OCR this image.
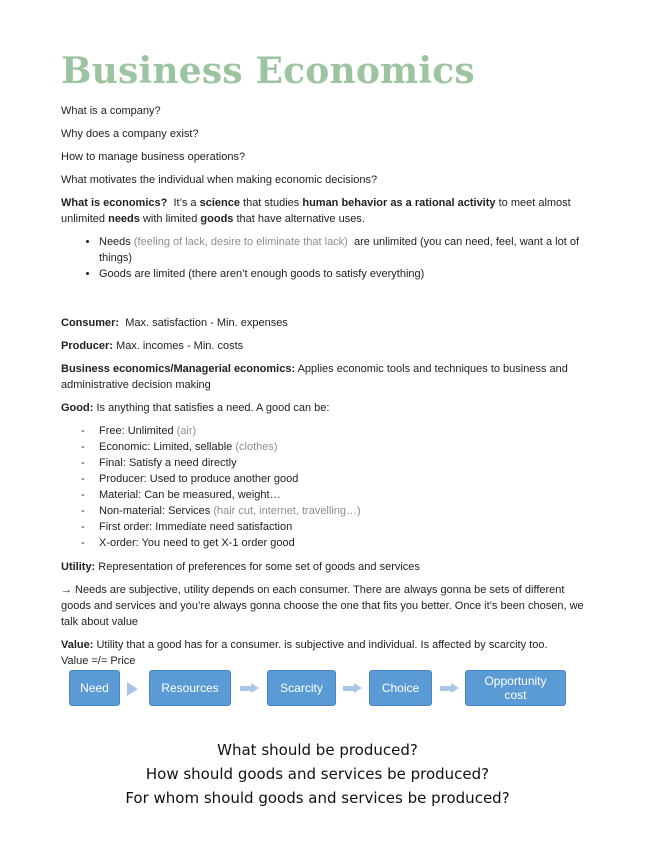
Business Economics

What is a company?

Why does a company exist?

How to manage business operations?

What motivates the individual when making economic decisions?

What is economics? It’s a science that studies human behavior as a rational activity to meet almost unlimited needs with limited goods that have alternative uses.

• Needs (feeling of lack, desire to eliminate that lack) are unlimited (you can need, feel, want a lot of things)
• Goods are limited (there aren’t enough goods to satisfy everything)

Consumer: Max. satisfaction - Min. expenses

Producer: Max. incomes - Min. costs

Business economics/Managerial economics: Applies economic tools and techniques to business and administrative decision making

Good: Is anything that satisfies a need. A good can be:

- Free: Unlimited (air)
- Economic: Limited, sellable (clothes)
- Final: Satisfy a need directly
- Producer: Used to produce another good
- Material: Can be measured, weight…
- Non-material: Services (hair cut, internet, travelling…)
- First order: Immediate need satisfaction
- X-order: You need to get X-1 order good

Utility: Representation of preferences for some set of goods and services

→ Needs are subjective, utility depends on each consumer. There are always gonna be sets of different goods and services and you’re always gonna choose the one that fits you better. Once it’s been chosen, we talk about value

Value: Utility that a good has for a consumer. is subjective and individual. Is affected by scarcity too.
Value =/= Price

Need	Resources	Scarcity	Choice	Opportunity
cost
What should be produced?
How should goods and services be produced?
For whom should goods and services be produced?
